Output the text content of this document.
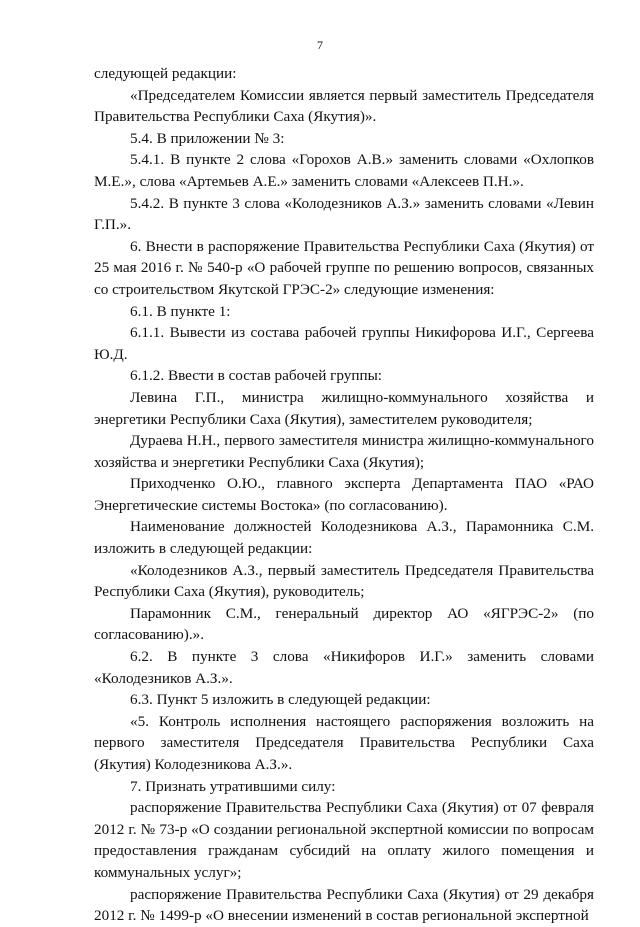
7

следующей редакции:

«Председателем Комиссии является первый заместитель Председателя Правительства Республики Саха (Якутия)».

5.4. В приложении № 3:

5.4.1. В пункте 2 слова «Горохов А.В.» заменить словами «Охлопков М.Е.», слова «Артемьев А.Е.» заменить словами «Алексеев П.Н.».

5.4.2. В пункте 3 слова «Колодезников А.З.» заменить словами «Левин Г.П.».

6. Внести в распоряжение Правительства Республики Саха (Якутия) от 25 мая 2016 г. № 540-р «О рабочей группе по решению вопросов, связанных со строительством Якутской ГРЭС-2» следующие изменения:

6.1. В пункте 1:

6.1.1. Вывести из состава рабочей группы Никифорова И.Г., Сергеева Ю.Д.

6.1.2. Ввести в состав рабочей группы:

Левина Г.П., министра жилищно-коммунального хозяйства и энергетики Республики Саха (Якутия), заместителем руководителя;

Дураева Н.Н., первого заместителя министра жилищно-коммунального хозяйства и энергетики Республики Саха (Якутия);

Приходченко О.Ю., главного эксперта Департамента ПАО «РАО Энергетические системы Востока» (по согласованию).

Наименование должностей Колодезникова А.З., Парамонника С.М. изложить в следующей редакции:

«Колодезников А.З., первый заместитель Председателя Правительства Республики Саха (Якутия), руководитель;

Парамонник С.М., генеральный директор АО «ЯГРЭС-2» (по согласованию).».

6.2. В пункте 3 слова «Никифоров И.Г.» заменить словами «Колодезников А.З.».

6.3. Пункт 5 изложить в следующей редакции:

«5. Контроль исполнения настоящего распоряжения возложить на первого заместителя Председателя Правительства Республики Саха (Якутия) Колодезникова А.З.».

7. Признать утратившими силу:

распоряжение Правительства Республики Саха (Якутия) от 07 февраля 2012 г. № 73-р «О создании региональной экспертной комиссии по вопросам предоставления гражданам субсидий на оплату жилого помещения и коммунальных услуг»;

распоряжение Правительства Республики Саха (Якутия) от 29 декабря 2012 г. № 1499-р «О внесении изменений в состав региональной экспертной
